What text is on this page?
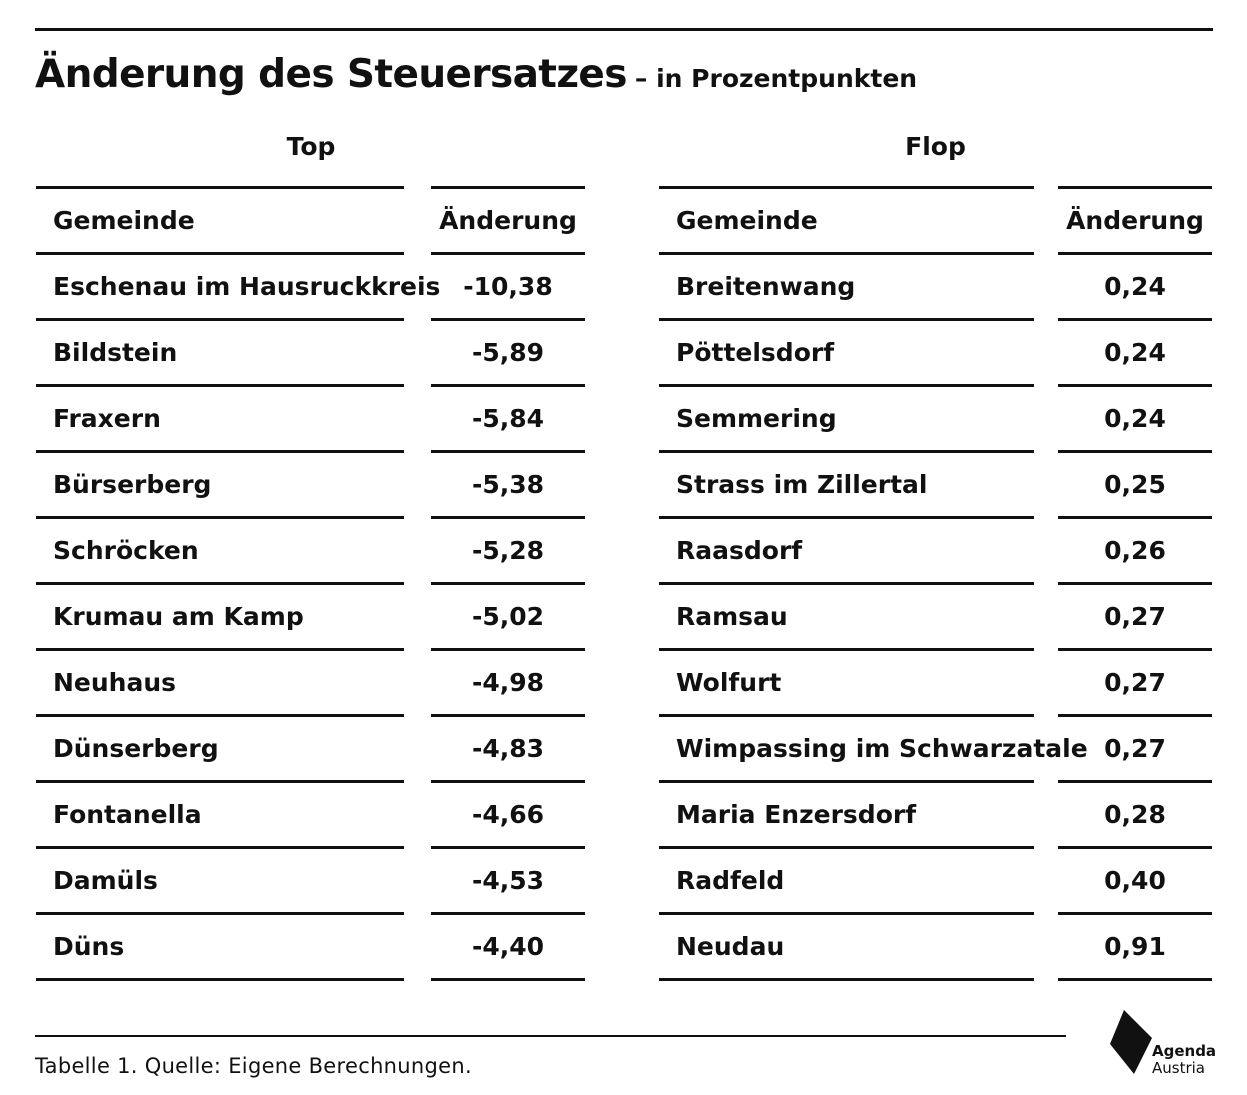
Änderung des Steuersatzes – in Prozentpunkten
Top	Flop
Gemeinde
Eschenau im Hausruckkreis
Bildstein
Fraxern
Bürserberg
Schröcken
Krumau am Kamp
Neuhaus
Dünserberg
Fontanella
Damüls
Düns
Änderung
-10,38
-5,89
-5,84
-5,38
-5,28
-5,02
-4,98
-4,83
-4,66
-4,53
-4,40
Gemeinde
Breitenwang
Pöttelsdorf
Semmering
Strass im Zillertal
Raasdorf
Ramsau
Wolfurt
Wimpassing im Schwarzatale
Maria Enzersdorf
Radfeld
Neudau
Änderung
0,24
0,24
0,24
0,25
0,26
0,27
0,27
0,27
0,28
0,40
0,91
Tabelle 1. Quelle: Eigene Berechnungen.
Agenda
Austria
